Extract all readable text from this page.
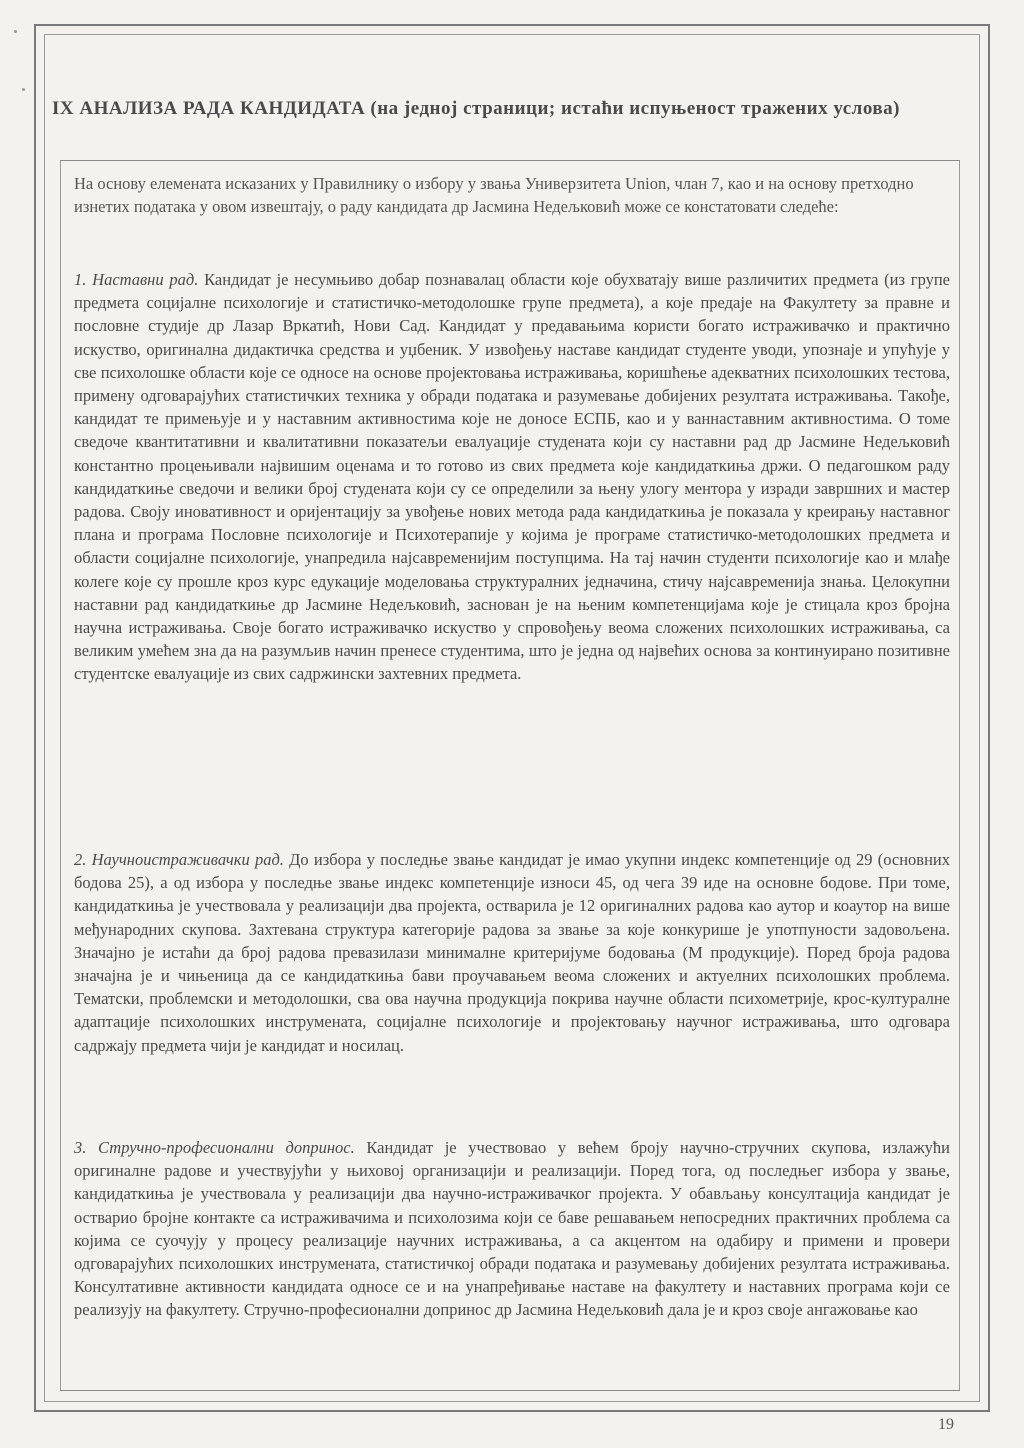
IX АНАЛИЗА РАДА КАНДИДАТА (на једној страници; истаћи испуњеност тражених услова)

На основу елемената исказаних у Правилнику о избору у звања Универзитета Union, члан 7, као и на основу претходно изнетих података у овом извештају, о раду кандидата др Јасмина Недељковић може се констатовати следеће:

1. Наставни рад. Кандидат је несумњиво добар познавалац области које обухватају више различитих предмета (из групе предмета социјалне психологије и статистичко-методолошке групе предмета), а које предаје на Факултету за правне и пословне студије др Лазар Вркатић, Нови Сад. Кандидат у предавањима користи богато истраживачко и практично искуство, оригинална дидактичка средства и уџбеник. У извођењу наставе кандидат студенте уводи, упознаје и упућује у све психолошке области које се односе на основе пројектовања истраживања, коришћење адекватних психолошких тестова, примену одговарајућих статистичких техника у обради података и разумевање добијених резултата истраживања. Такође, кандидат те примењује и у наставним активностима које не доносе ЕСПБ, као и у ваннаставним активностима. О томе сведоче квантитативни и квалитативни показатељи евалуације студената који су наставни рад др Јасмине Недељковић константно процењивали највишим оценама и то готово из свих предмета које кандидаткиња држи. О педагошком раду кандидаткиње сведочи и велики број студената који су се определили за њену улогу ментора у изради завршних и мастер радова. Своју иновативност и оријентацију за увођење нових метода рада кандидаткиња је показала у креирању наставног плана и програма Пословне психологије и Психотерапије у којима је програме статистичко-методолошких предмета и области социјалне психологије, унапредила најсавременијим поступцима. На тај начин студенти психологије као и млађе колеге које су прошле кроз курс едукације моделовања структуралних једначина, стичу најсавременија знања. Целокупни наставни рад кандидаткиње др Јасмине Недељковић, заснован је на њеним компетенцијама које је стицала кроз бројна научна истраживања. Своје богато истраживачко искуство у спровођењу веома сложених психолошких истраживања, са великим умећем зна да на разумљив начин пренесе студентима, што је једна од највећих основа за континуирано позитивне студентске евалуације из свих садржински захтевних предмета.

2. Научноистраживачки рад. До избора у последње звање кандидат је имао укупни индекс компетенције од 29 (основних бодова 25), а од избора у последње звање индекс компетенције износи 45, од чега 39 иде на основне бодове. При томе, кандидаткиња је учествовала у реализацији два пројекта, остварила је 12 оригиналних радова као аутор и коаутор на више међународних скупова. Захтевана структура категорије радова за звање за које конкурише је употпуности задовољена. Значајно је истаћи да број радова превазилази минималне критеријуме бодовања (М продукције). Поред броја радова значајна је и чињеница да се кандидаткиња бави проучавањем веома сложених и актуелних психолошких проблема. Тематски, проблемски и методолошки, сва ова научна продукција покрива научне области психометрије, крос-културалне адаптације психолошких инструмената, социјалне психологије и пројектовању научног истраживања, што одговара садржају предмета чији је кандидат и носилац.

3. Стручно-професионални допринос. Кандидат је учествовао у већем броју научно-стручних скупова, излажући оригиналне радове и учествујући у њиховој организацији и реализацији. Поред тога, од последњег избора у звање, кандидаткиња је учествовала у реализацији два научно-истраживачког пројекта. У обављању консултација кандидат је остварио бројне контакте са истраживачима и психолозима који се баве решавањем непосредних практичних проблема са којима се суочују у процесу реализације научних истраживања, а са акцентом на одабиру и примени и провери одговарајућих психолошких инструмената, статистичкој обради података и разумевању добијених резултата истраживања. Консултативне активности кандидата односе се и на унапређивање наставе на факултету и наставних програма који се реализују на факултету. Стручно-професионални допринос др Јасмина Недељковић дала је и кроз своје ангажовање као

19
